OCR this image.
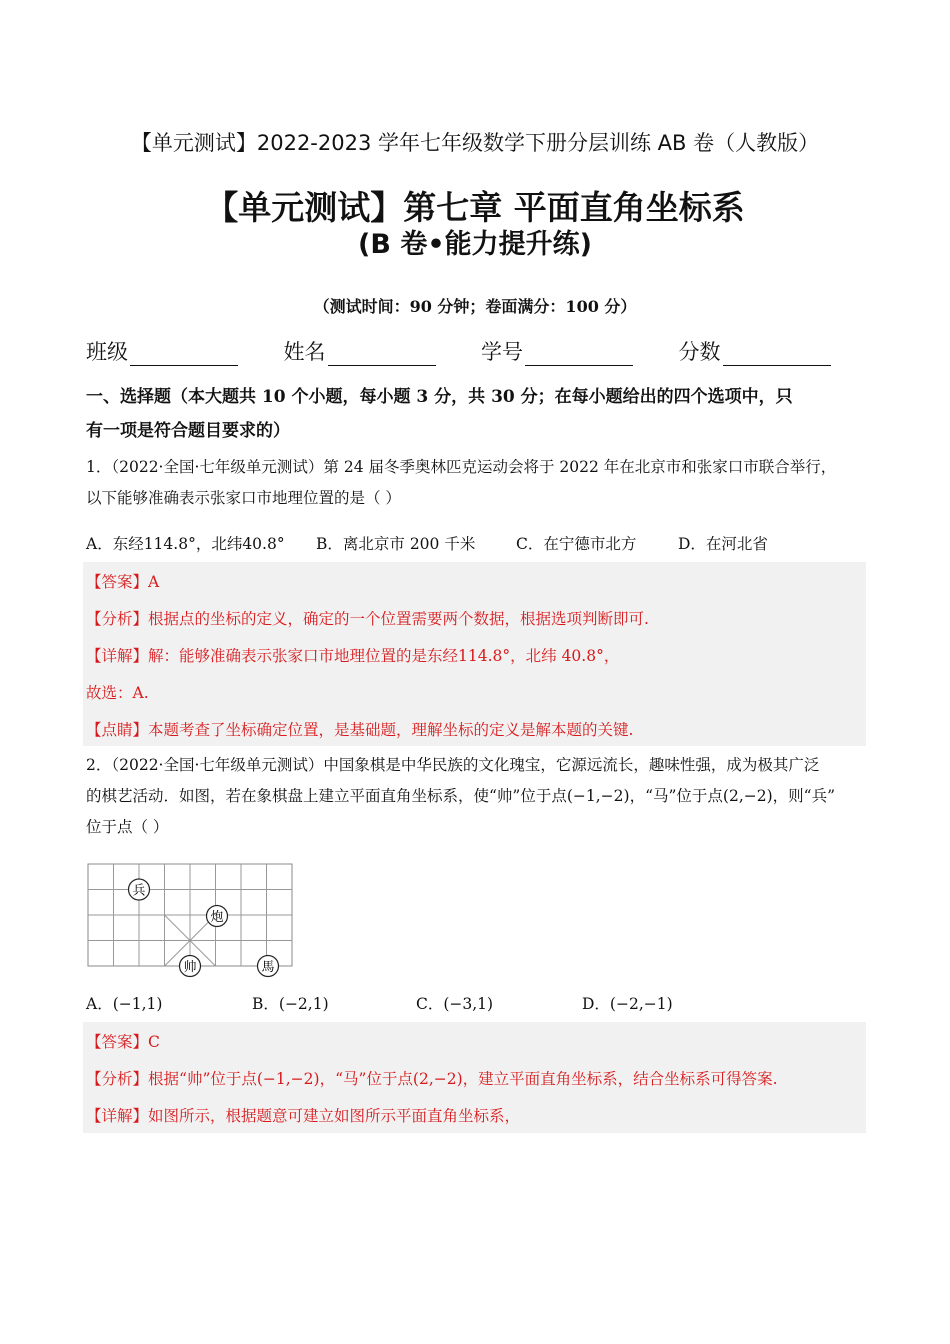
【单元测试】2022-2023 学年七年级数学下册分层训练 AB 卷（人教版）
【单元测试】第七章 平面直角坐标系
(B 卷•能力提升练)
（测试时间：90 分钟；卷面满分：100 分）
班级	姓名	学号	分数
一、选择题（本大题共 10 个小题，每小题 3 分，共 30 分；在每小题给出的四个选项中，只
有一项是符合题目要求的）
1．（2022·全国·七年级单元测试）第 24 届冬季奥林匹克运动会将于 2022 年在北京市和张家口市联合举行，
以下能够准确表示张家口市地理位置的是（ ）
A．东经114.8°，北纬40.8°	B．离北京市 200 千米	C．在宁德市北方	D．在河北省
【答案】A
【分析】根据点的坐标的定义，确定的一个位置需要两个数据，根据选项判断即可.
【详解】解：能够准确表示张家口市地理位置的是东经114.8°，北纬 40.8°，
故选：A.
【点睛】本题考查了坐标确定位置，是基础题，理解坐标的定义是解本题的关键.
2．（2022·全国·七年级单元测试）中国象棋是中华民族的文化瑰宝，它源远流长，趣味性强，成为极其广泛
的棋艺活动．如图，若在象棋盘上建立平面直角坐标系，使“帅”位于点(−1,−2)，“马”位于点(2,−2)，则“兵”
位于点（ ）
兵
炮
帅	馬
A．(−1,1)	B．(−2,1)	C．(−3,1)	D．(−2,−1)
【答案】C
【分析】根据“帅”位于点(−1,−2)，“马”位于点(2,−2)，建立平面直角坐标系，结合坐标系可得答案.
【详解】如图所示，根据题意可建立如图所示平面直角坐标系，
